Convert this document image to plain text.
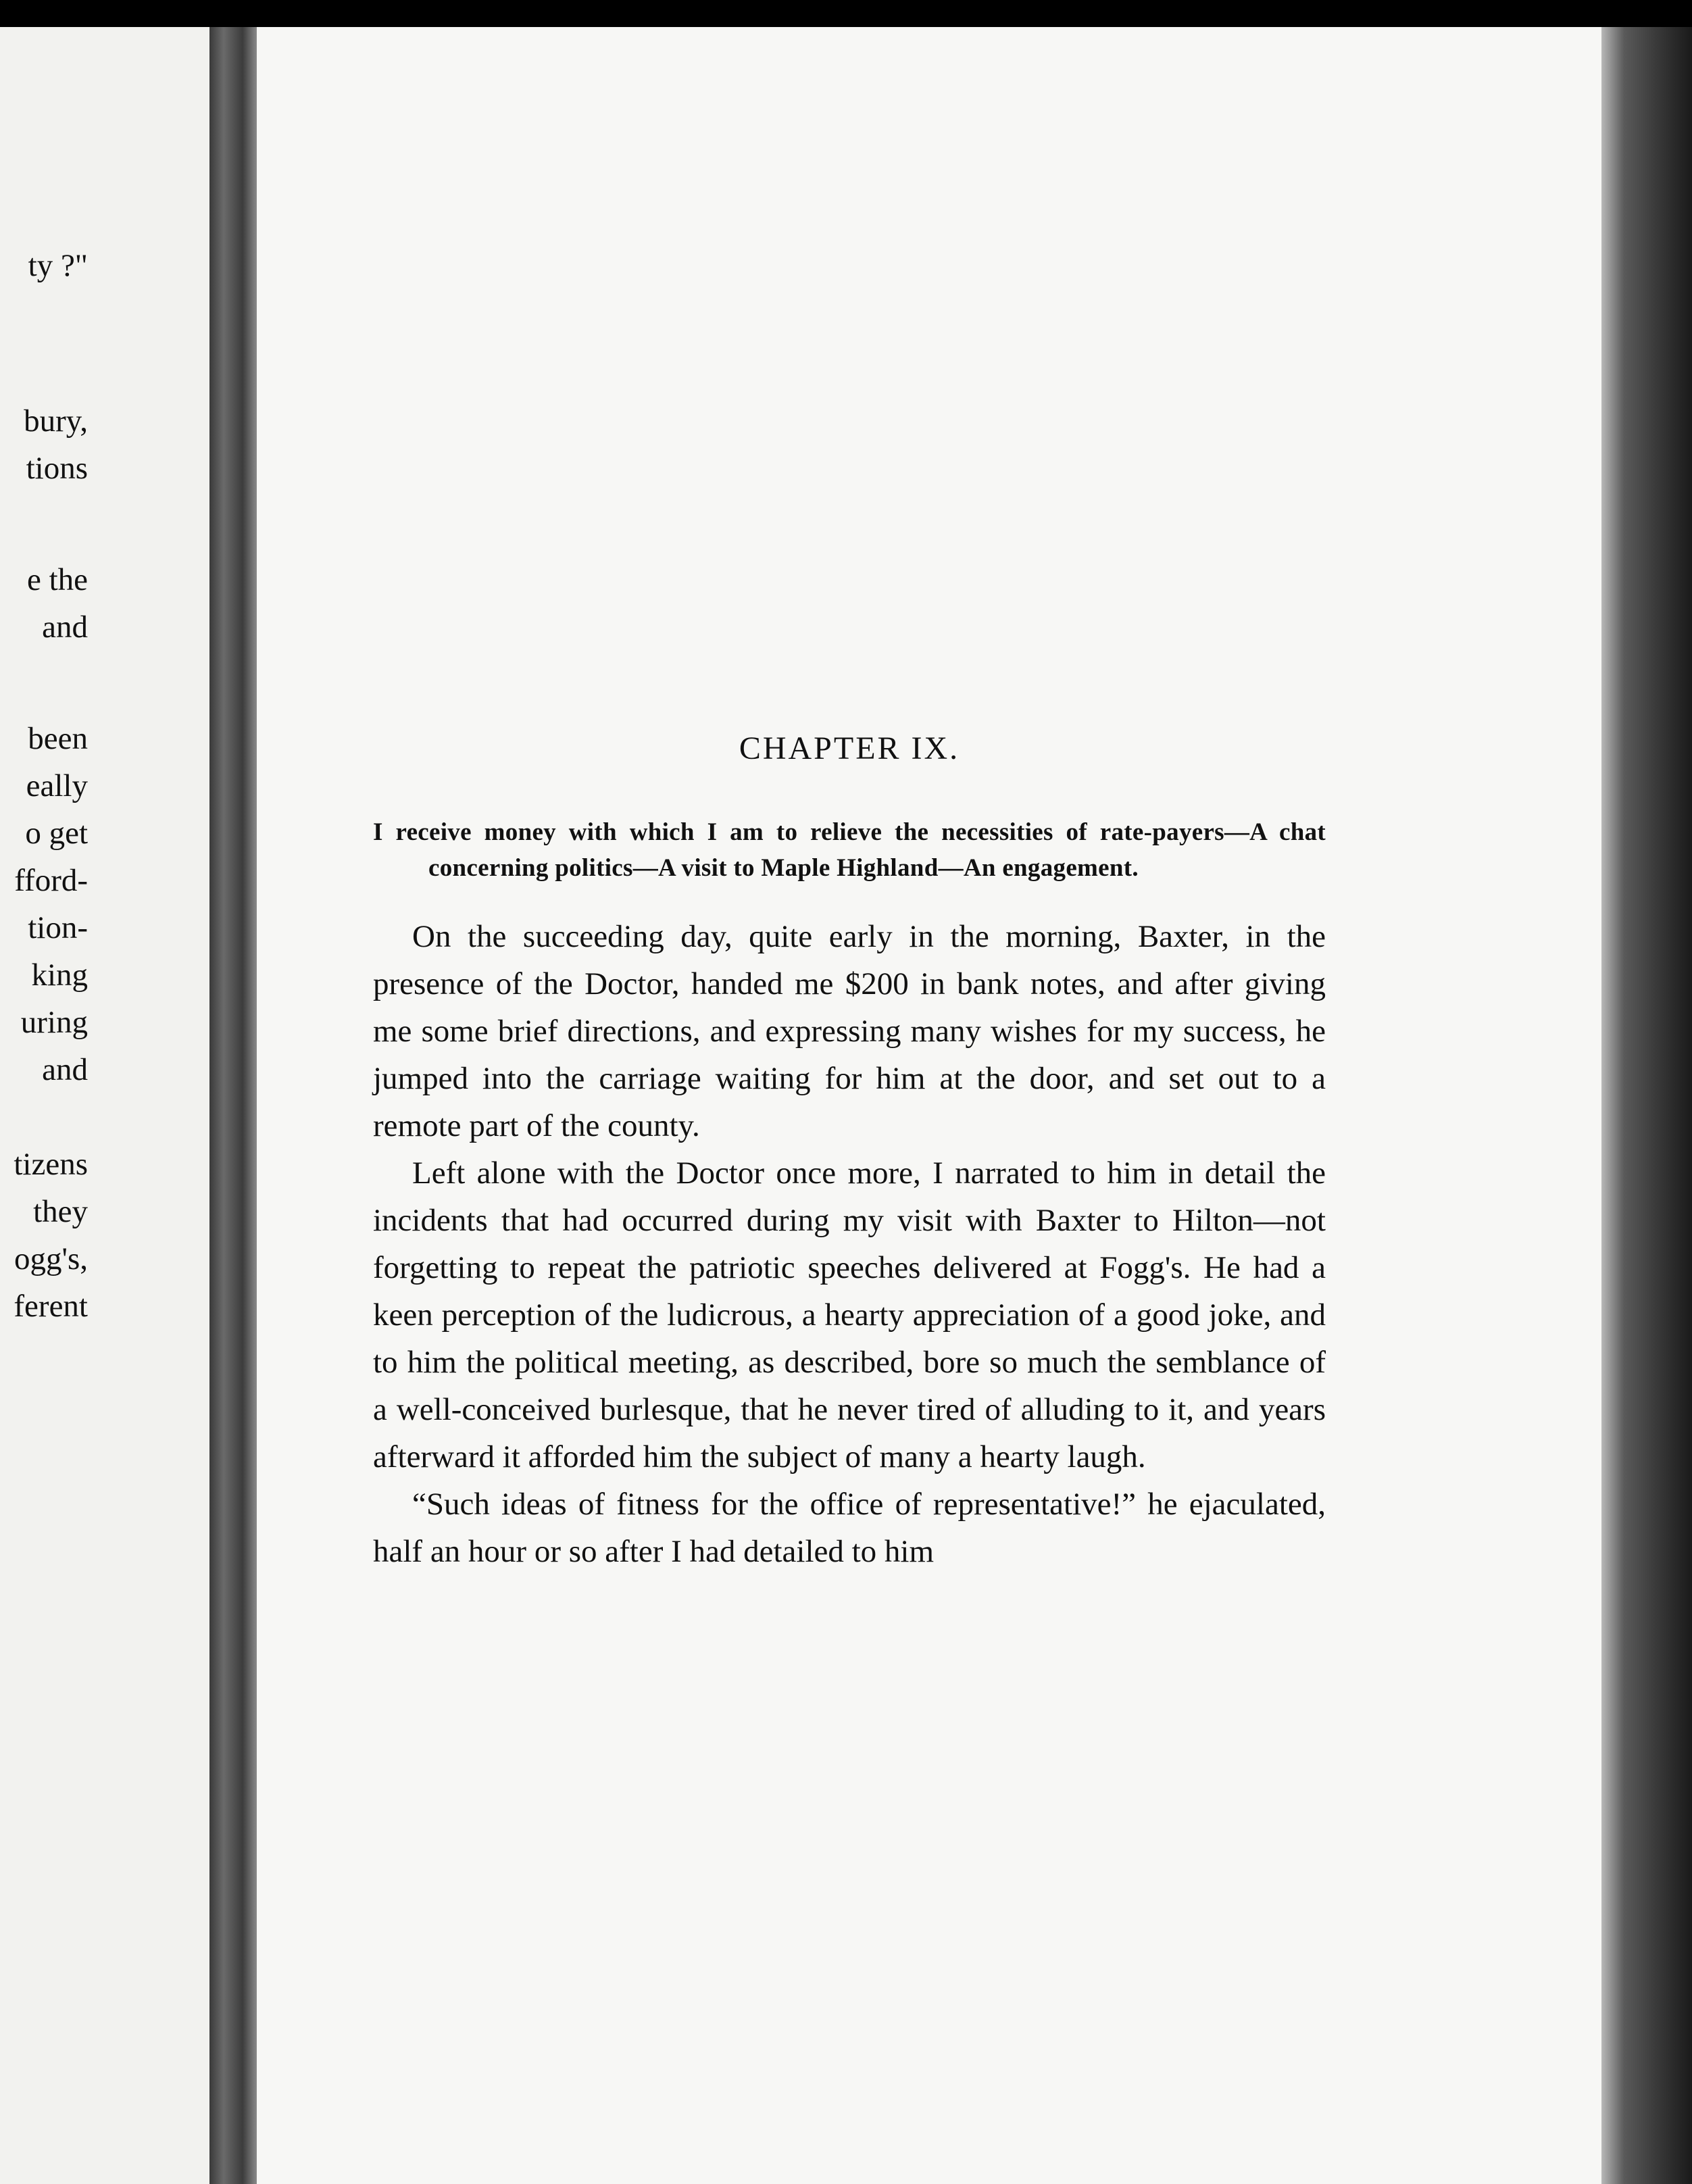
ty ?"
bury,
tions
e the
and
been
eally
o get
fford-
tion-
king
uring
and
tizens
they
ogg's,
ferent
CHAPTER IX.

I receive money with which I am to relieve the necessities of rate-payers—A chat concerning politics—A visit to Maple Highland—An engagement.

On the succeeding day, quite early in the morning, Baxter, in the presence of the Doctor, handed me $200 in bank notes, and after giving me some brief directions, and expressing many wishes for my success, he jumped into the carriage waiting for him at the door, and set out to a remote part of the county.

Left alone with the Doctor once more, I narrated to him in detail the incidents that had occurred during my visit with Baxter to Hilton—not forgetting to repeat the patriotic speeches delivered at Fogg's. He had a keen perception of the ludicrous, a hearty appreciation of a good joke, and to him the political meeting, as described, bore so much the semblance of a well-conceived burlesque, that he never tired of alluding to it, and years afterward it afforded him the subject of many a hearty laugh.

“Such ideas of fitness for the office of representative!” he ejaculated, half an hour or so after I had detailed to him
